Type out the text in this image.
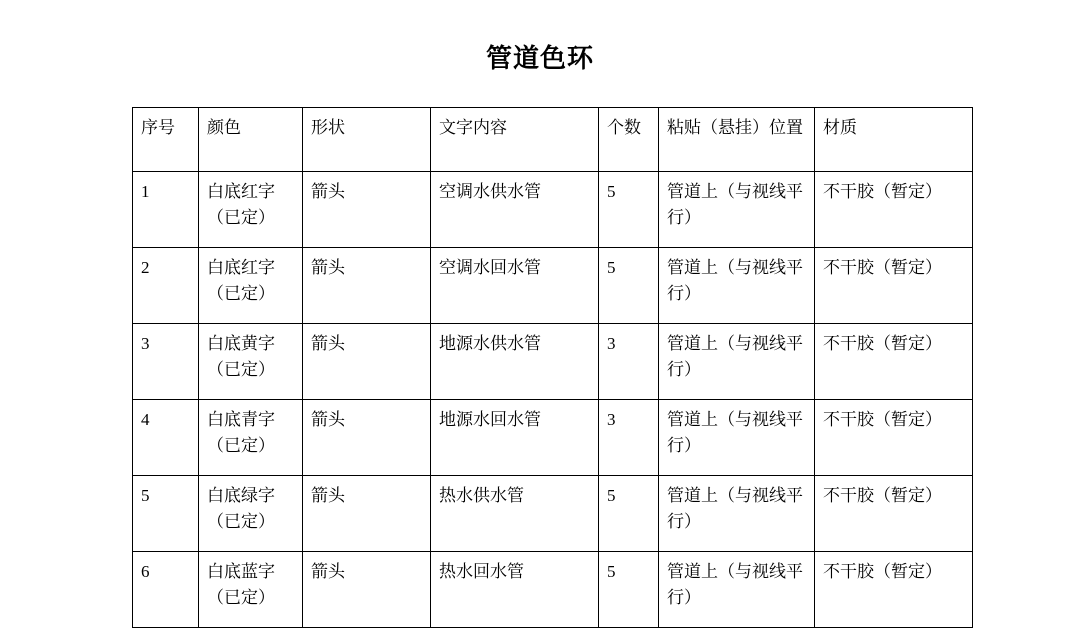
管道色环
序号	颜色	形状	文字内容	个数	粘贴（悬挂）位置	材质
1	白底红字（已定）	箭头	空调水供水管	5	管道上（与视线平行）	不干胶（暂定）
2	白底红字（已定）	箭头	空调水回水管	5	管道上（与视线平行）	不干胶（暂定）
3	白底黄字（已定）	箭头	地源水供水管	3	管道上（与视线平行）	不干胶（暂定）
4	白底青字（已定）	箭头	地源水回水管	3	管道上（与视线平行）	不干胶（暂定）
5	白底绿字（已定）	箭头	热水供水管	5	管道上（与视线平行）	不干胶（暂定）
6	白底蓝字（已定）	箭头	热水回水管	5	管道上（与视线平行）	不干胶（暂定）
